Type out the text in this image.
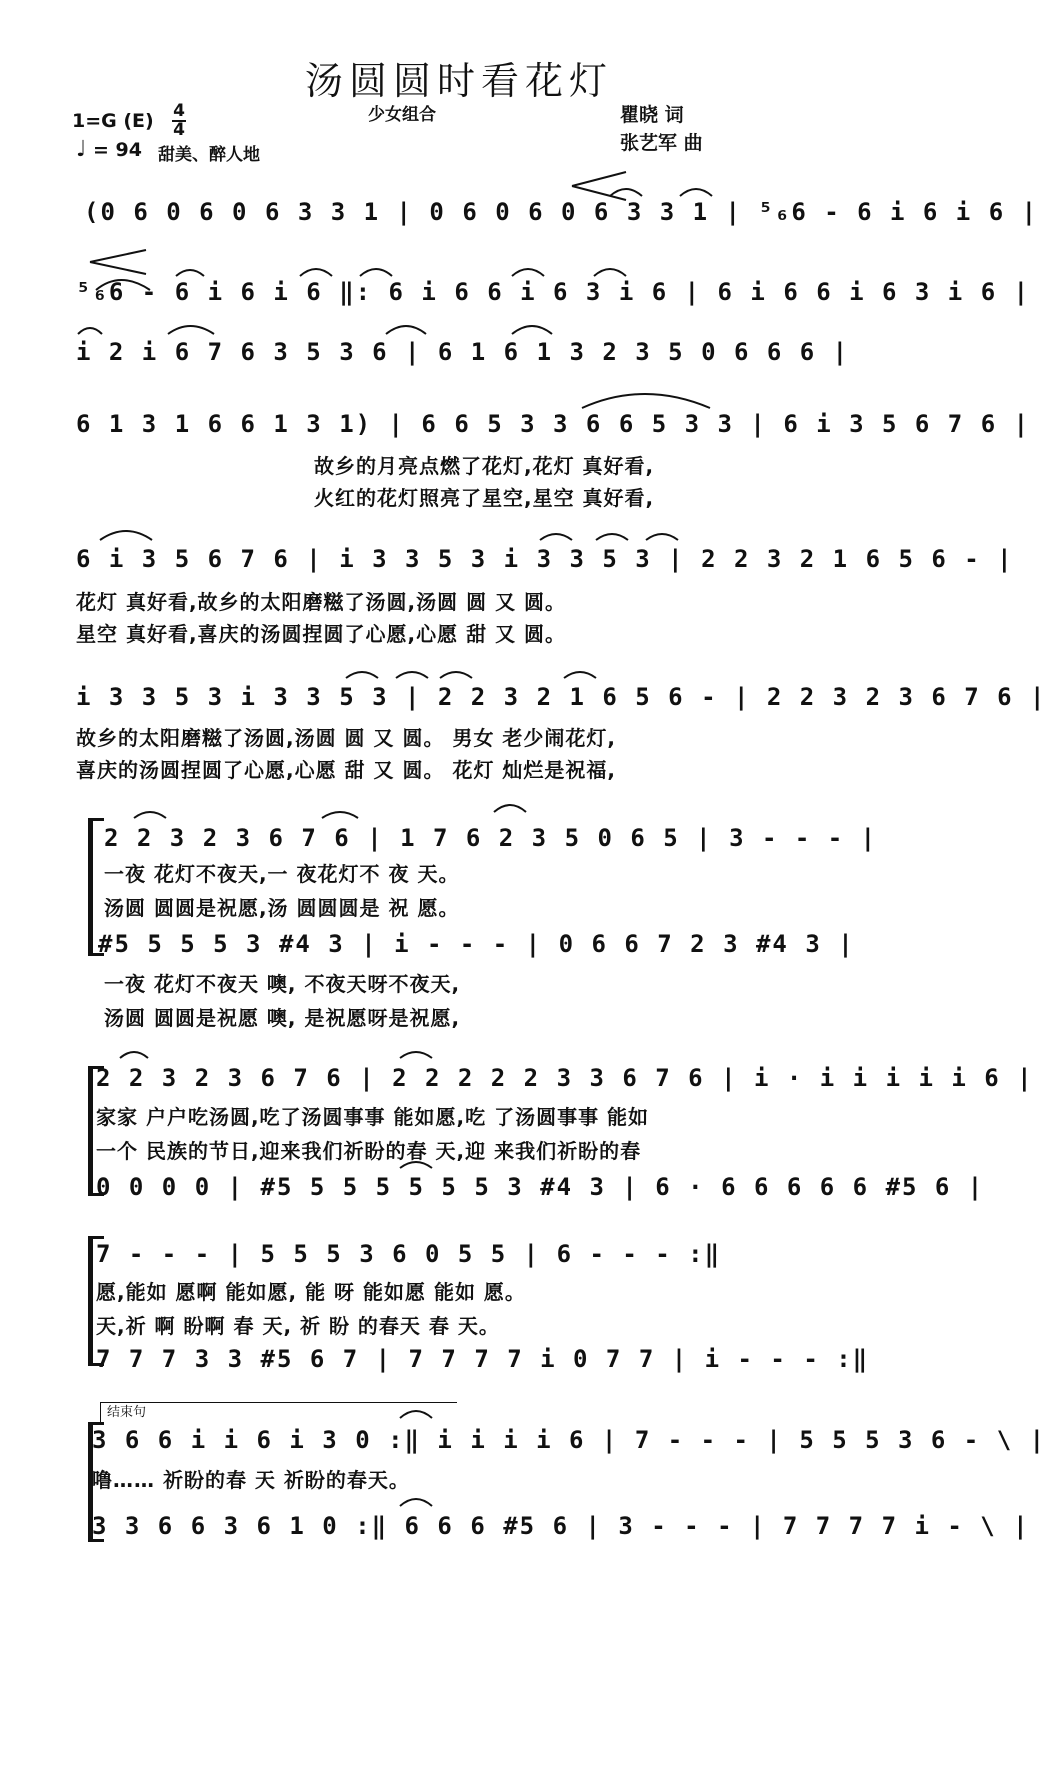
汤圆圆时看花灯
1=G (E) 4
4
♩ = 94 甜美、醉人地
少女组合	瞿晓 词
张艺军 曲
(0 6 0 6 0 6 3 3 1 | 0 6 0 6 0 6 3 3 1 | ⁵₆6 - 6 i 6 i 6 |
⁵₆6 - 6 i 6 i 6 ‖: 6 i 6 6 i 6 3 i 6 | 6 i 6 6 i 6 3 i 6 |
i 2 i 6 7 6 3 5 3 6 | 6 1 6 1 3 2 3 5 0 6 6 6 |
6 1 3 1 6 6 1 3 1) | 6 6 5 3 3 6 6 5 3 3 | 6 i 3 5 6 7 6 |
故乡的月亮点燃了花灯,花灯 真好看,
火红的花灯照亮了星空,星空 真好看,
6 i 3 5 6 7 6 | i 3 3 5 3 i 3 3 5 3 | 2 2 3 2 1 6 5 6 - |
花灯 真好看,故乡的太阳磨糍了汤圆,汤圆 圆 又 圆。
星空 真好看,喜庆的汤圆捏圆了心愿,心愿 甜 又 圆。
i 3 3 5 3 i 3 3 5 3 | 2 2 3 2 1 6 5 6 - | 2 2 3 2 3 6 7 6 |
故乡的太阳磨糍了汤圆,汤圆 圆 又 圆。 男女 老少闹花灯,
喜庆的汤圆捏圆了心愿,心愿 甜 又 圆。 花灯 灿烂是祝福,
2 2 3 2 3 6 7 6 | 1 7 6 2 3 5 0 6 5 | 3 - - - |
一夜 花灯不夜天,一 夜花灯不 夜 天。
汤圆 圆圆是祝愿,汤 圆圆圆是 祝 愿。
#5 5 5 5 3 #4 3 | i - - - | 0 6 6 7 2 3 #4 3 |
一夜 花灯不夜天 噢, 不夜天呀不夜天,
汤圆 圆圆是祝愿 噢, 是祝愿呀是祝愿,
2 2 3 2 3 6 7 6 | 2 2 2 2 2 3 3 6 7 6 | i · i i i i i 6 |
家家 户户吃汤圆,吃了汤圆事事 能如愿,吃 了汤圆事事 能如
一个 民族的节日,迎来我们祈盼的春 天,迎 来我们祈盼的春
0 0 0 0 | #5 5 5 5 5 5 5 3 #4 3 | 6 · 6 6 6 6 6 #5 6 |
7 - - - | 5 5 5 3 6 0 5 5 | 6 - - - :‖
愿,能如 愿啊 能如愿, 能 呀 能如愿 能如 愿。
天,祈 啊 盼啊 春 天, 祈 盼 的春天 春 天。
7 7 7 3 3 #5 6 7 | 7 7 7 7 i 0 7 7 | i - - - :‖
结束句
3 6 6 i i 6 i 3 0 :‖ i i i i 6 | 7 - - - | 5 5 5 3 6 - \ |
噜…… 祈盼的春 天 祈盼的春天。
3 3 6 6 3 6 1 0 :‖ 6 6 6 #5 6 | 3 - - - | 7 7 7 7 i - \ |
